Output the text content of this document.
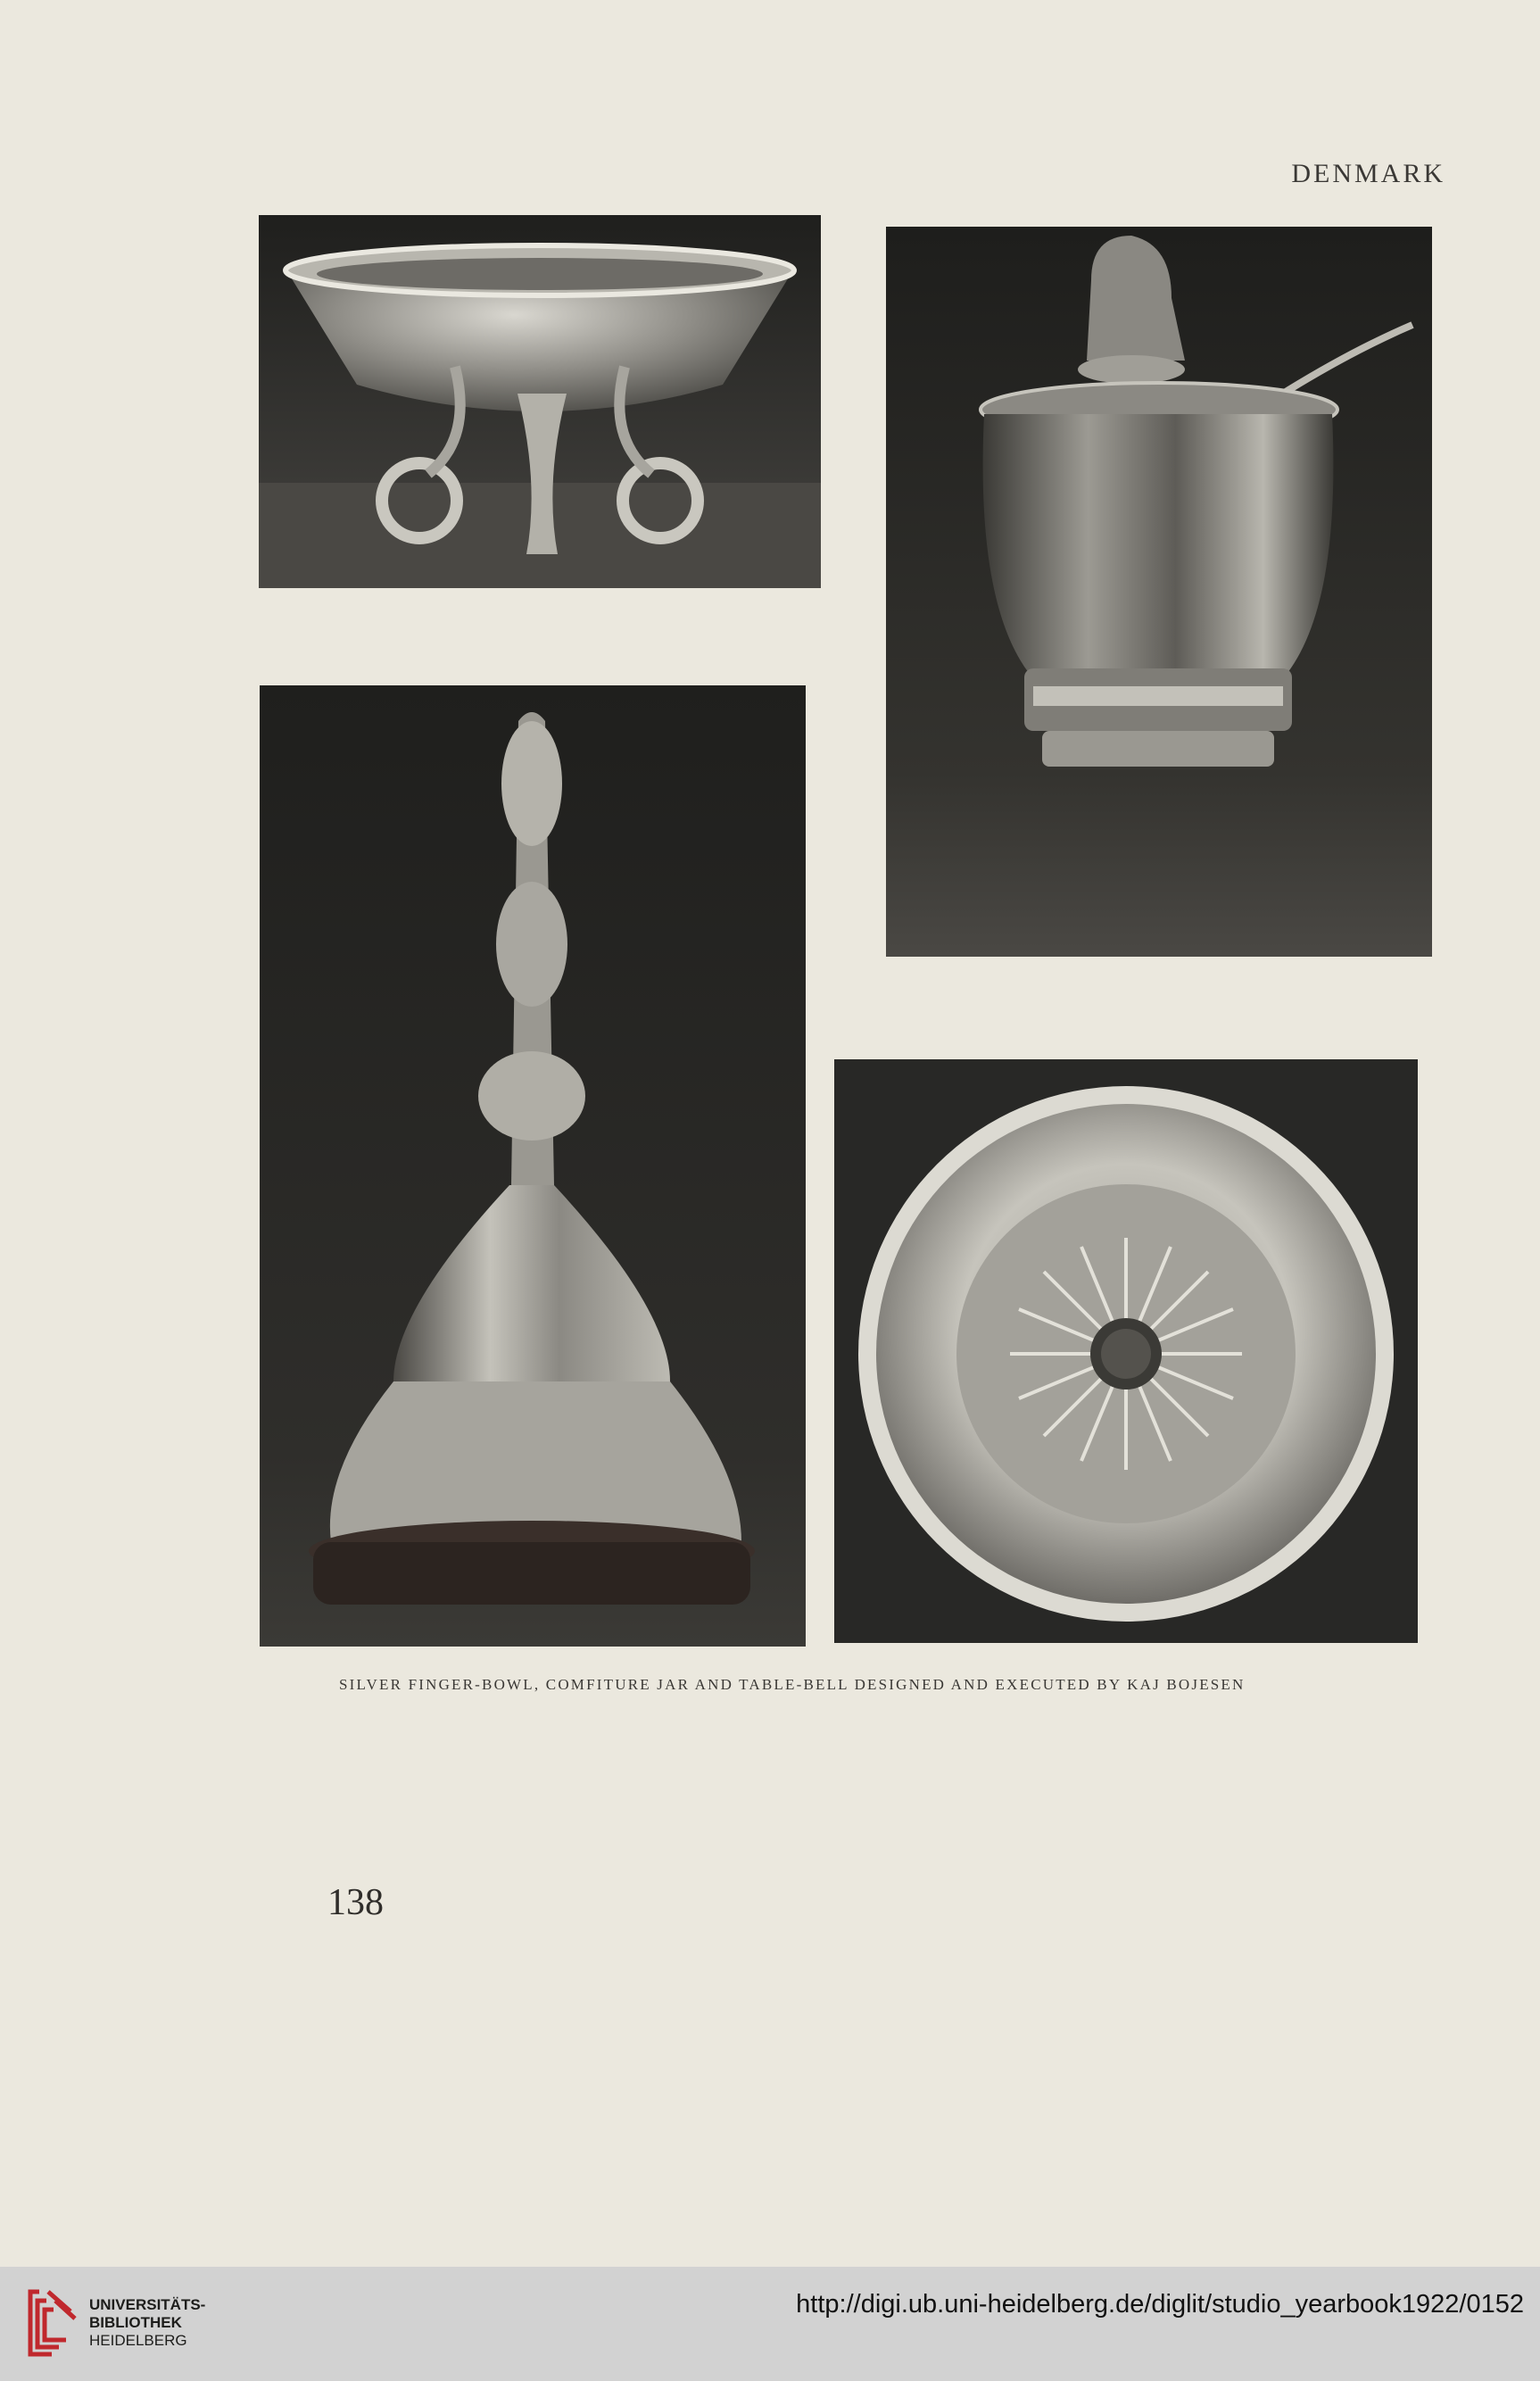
DENMARK
SILVER FINGER-BOWL, COMFITURE JAR AND TABLE-BELL DESIGNED AND EXECUTED BY KAJ BOJESEN
138
UNIVERSITÄTS-
BIBLIOTHEK
HEIDELBERG
http://digi.ub.uni-heidelberg.de/diglit/studio_yearbook1922/0152
